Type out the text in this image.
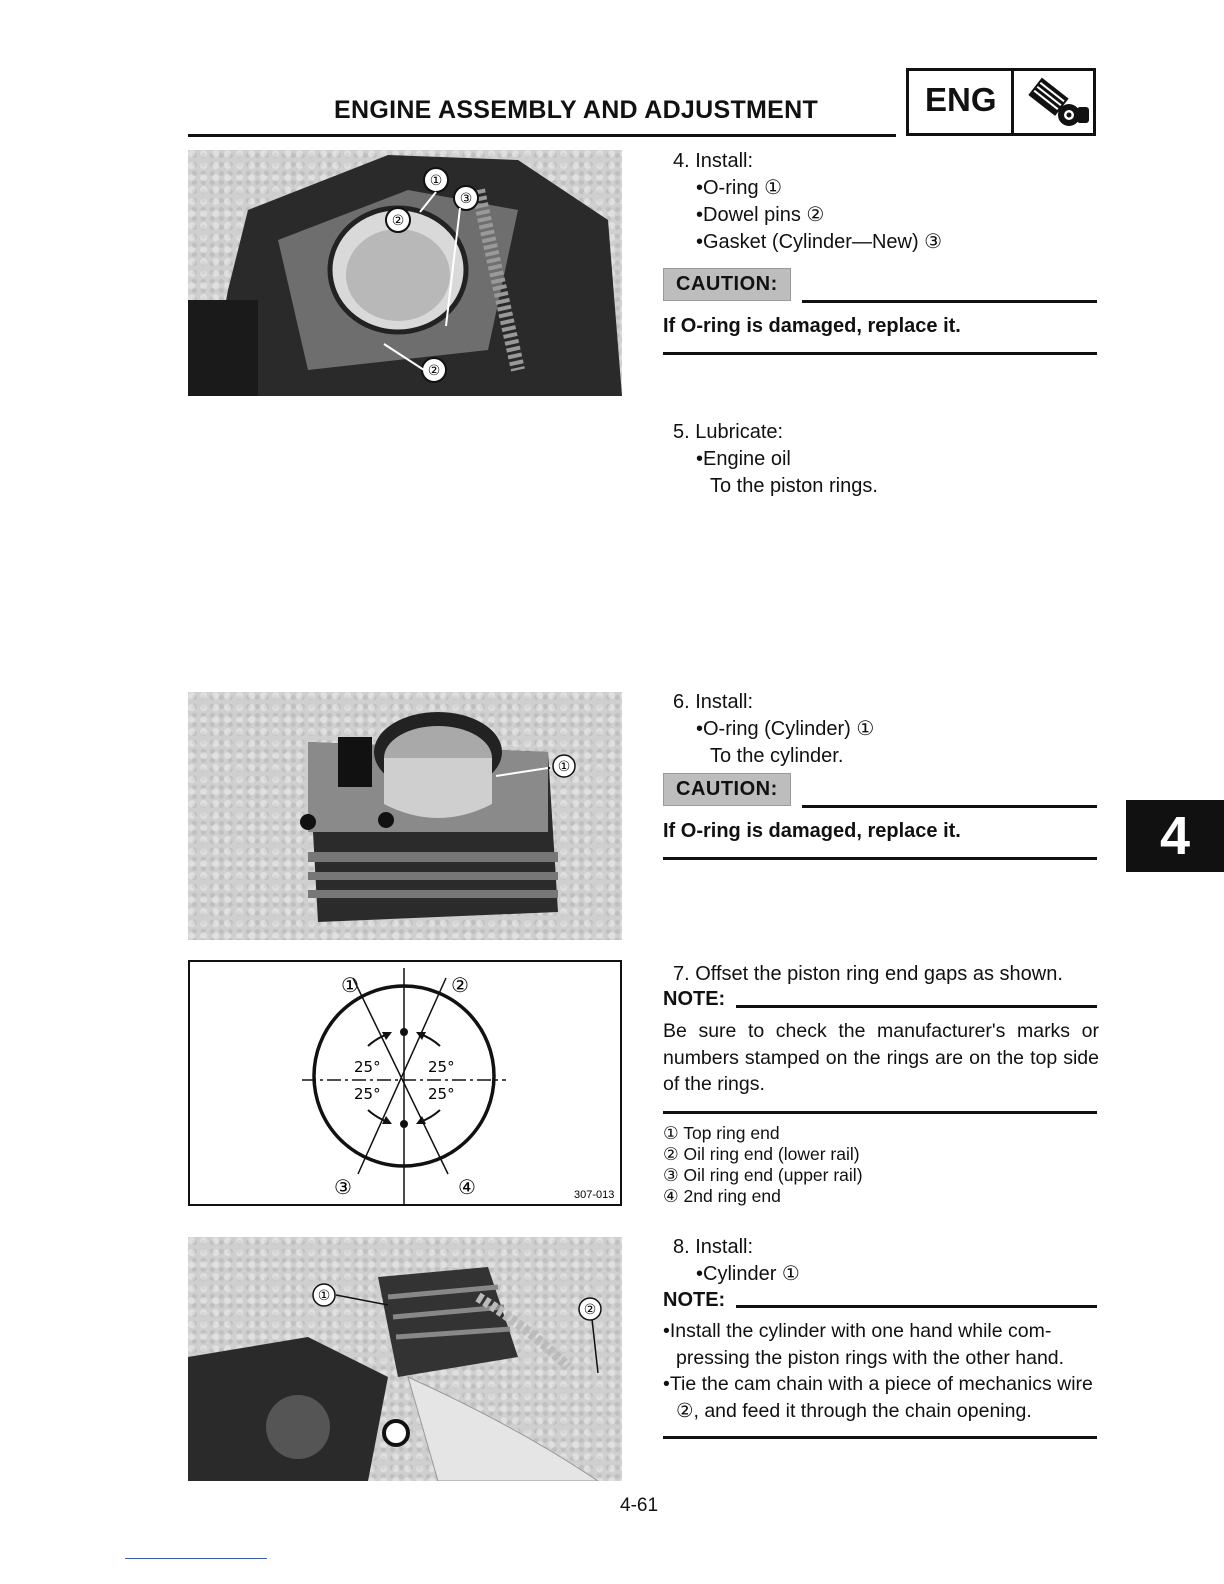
ENGINE ASSEMBLY AND ADJUSTMENT	ENG
①
②
③
②
4. Install:
•O-ring ①
•Dowel pins ②
•Gasket (Cylinder—New) ③
CAUTION:
If O-ring is damaged, replace it.
5. Lubricate:
•Engine oil
To the piston rings.
①
6. Install:
•O-ring (Cylinder) ①
To the cylinder.
CAUTION:
If O-ring is damaged, replace it.	4
25°	25°
25°	25°
①	②
③	④	307-013
7. Offset the piston ring end gaps as shown.
NOTE:
Be sure to check the manufacturer's marks or numbers stamped on the rings are on the top side of the rings.
① Top ring end
② Oil ring end (lower rail)
③ Oil ring end (upper rail)
④ 2nd ring end
①
②
8. Install:
•Cylinder ①
NOTE:
•Install the cylinder with one hand while com-
pressing the piston rings with the other hand.
•Tie the cam chain with a piece of mechanics wire
②, and feed it through the chain opening.
4-61
